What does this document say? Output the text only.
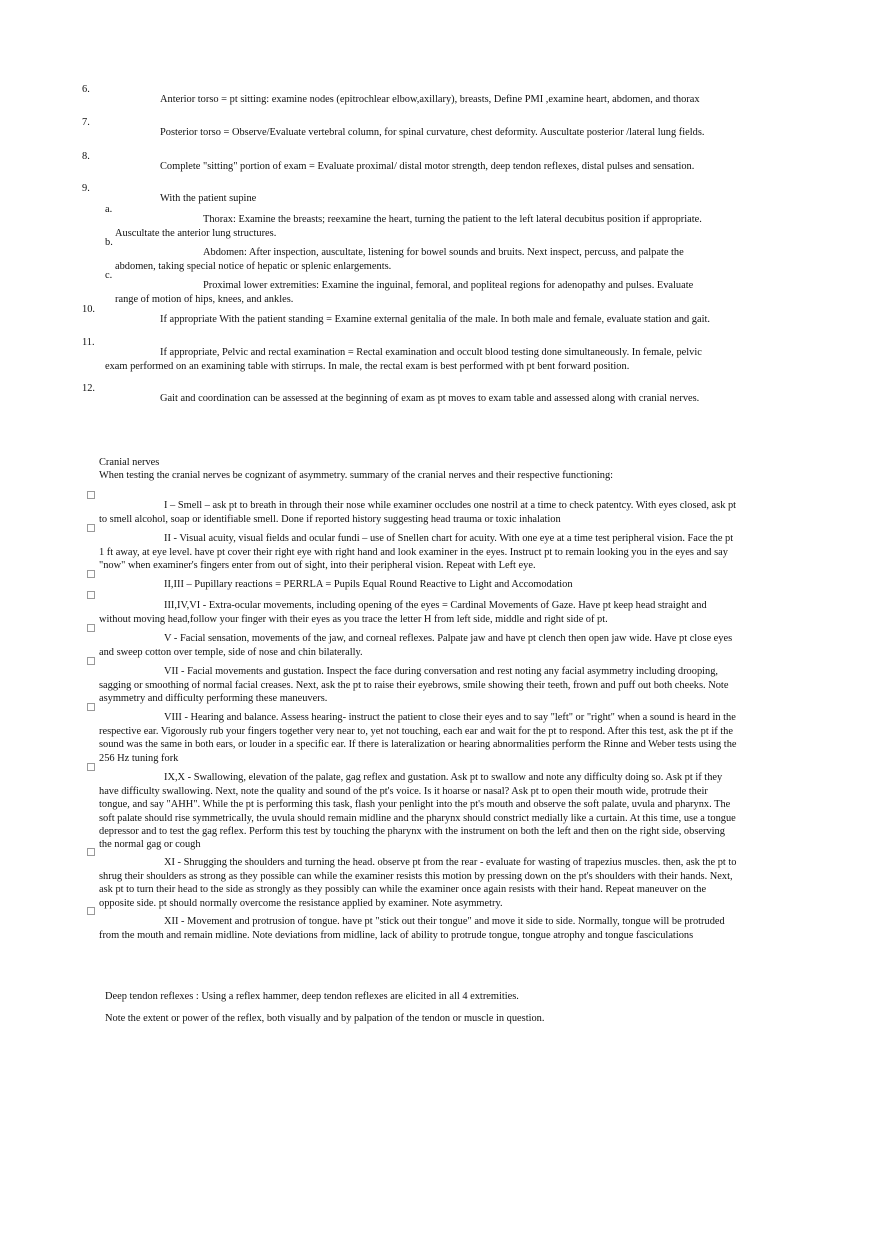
6.

Anterior torso = pt sitting: examine nodes (epitrochlear elbow,axillary), breasts, Define PMI ,examine heart, abdomen, and thorax

7.

Posterior torso = Observe/Evaluate vertebral column, for spinal curvature, chest deformity. Auscultate posterior /lateral lung fields.

8.

Complete "sitting" portion of exam = Evaluate proximal/ distal motor strength, deep tendon reflexes, distal pulses and sensation.

9.

With the patient supine

a.

Thorax: Examine the breasts; reexamine the heart, turning the patient to the left lateral decubitus position if appropriate. Auscultate the anterior lung structures.

b.

Abdomen: After inspection, auscultate, listening for bowel sounds and bruits. Next inspect, percuss, and palpate the abdomen, taking special notice of hepatic or splenic enlargements.

c.

Proximal lower extremities: Examine the inguinal, femoral, and popliteal regions for adenopathy and pulses. Evaluate range of motion of hips, knees, and ankles.

10.

If appropriate With the patient standing = Examine external genitalia of the male. In both male and female, evaluate station and gait.

11.

If appropriate, Pelvic and rectal examination = Rectal examination and occult blood testing done simultaneously. In female, pelvic exam performed on an examining table with stirrups. In male, the rectal exam is best performed with pt bent forward position.

12.

Gait and coordination can be assessed at the beginning of exam as pt moves to exam table and assessed along with cranial nerves.

Cranial nerves

When testing the cranial nerves be cognizant of asymmetry. summary of the cranial nerves and their respective functioning:

I – Smell – ask pt to breath in through their nose while examiner occludes one nostril at a time to check patentcy. With eyes closed, ask pt to smell alcohol, soap or identifiable smell. Done if reported history suggesting head trauma or toxic inhalation

II - Visual acuity, visual fields and ocular fundi – use of Snellen chart for acuity. With one eye at a time test peripheral vision. Face the pt 1 ft away, at eye level. have pt cover their right eye with right hand and look examiner in the eyes. Instruct pt to remain looking you in the eyes and say "now" when examiner's fingers enter from out of sight, into their peripheral vision. Repeat with Left eye.

II,III – Pupillary reactions = PERRLA = Pupils Equal Round Reactive to Light and Accomodation

III,IV,VI - Extra-ocular movements, including opening of the eyes = Cardinal Movements of Gaze. Have pt keep head straight and without moving head,follow your finger with their eyes as you trace the letter H from left side, middle and right side of pt.

V - Facial sensation, movements of the jaw, and corneal reflexes. Palpate jaw and have pt clench then open jaw wide. Have pt close eyes and sweep cotton over temple, side of nose and chin bilaterally.

VII - Facial movements and gustation. Inspect the face during conversation and rest noting any facial asymmetry including drooping, sagging or smoothing of normal facial creases. Next, ask the pt to raise their eyebrows, smile showing their teeth, frown and puff out both cheeks. Note asymmetry and difficulty performing these maneuvers.

VIII - Hearing and balance. Assess hearing- instruct the patient to close their eyes and to say "left" or "right" when a sound is heard in the respective ear. Vigorously rub your fingers together very near to, yet not touching, each ear and wait for the pt to respond. After this test, ask the pt if the sound was the same in both ears, or louder in a specific ear. If there is lateralization or hearing abnormalities perform the Rinne and Weber tests using the 256 Hz tuning fork

IX,X - Swallowing, elevation of the palate, gag reflex and gustation. Ask pt to swallow and note any difficulty doing so. Ask pt if they have difficulty swallowing. Next, note the quality and sound of the pt's voice. Is it hoarse or nasal? Ask pt to open their mouth wide, protrude their tongue, and say "AHH". While the pt is performing this task, flash your penlight into the pt's mouth and observe the soft palate, uvula and pharynx. The soft palate should rise symmetrically, the uvula should remain midline and the pharynx should constrict medially like a curtain. At this time, use a tongue depressor and to test the gag reflex. Perform this test by touching the pharynx with the instrument on both the left and then on the right side, observing the normal gag or cough

XI - Shrugging the shoulders and turning the head. observe pt from the rear - evaluate for wasting of trapezius muscles. then, ask the pt to shrug their shoulders as strong as they possible can while the examiner resists this motion by pressing down on the pt's shoulders with their hands. Next, ask pt to turn their head to the side as strongly as they possibly can while the examiner once again resists with their hand. Repeat maneuver on the opposite side. pt should normally overcome the resistance applied by examiner. Note asymmetry.

XII - Movement and protrusion of tongue. have pt "stick out their tongue" and move it side to side. Normally, tongue will be protruded from the mouth and remain midline. Note deviations from midline, lack of ability to protrude tongue, tongue atrophy and tongue fasciculations

Deep tendon reflexes : Using a reflex hammer, deep tendon reflexes are elicited in all 4 extremities.

Note the extent or power of the reflex, both visually and by palpation of the tendon or muscle in question.
